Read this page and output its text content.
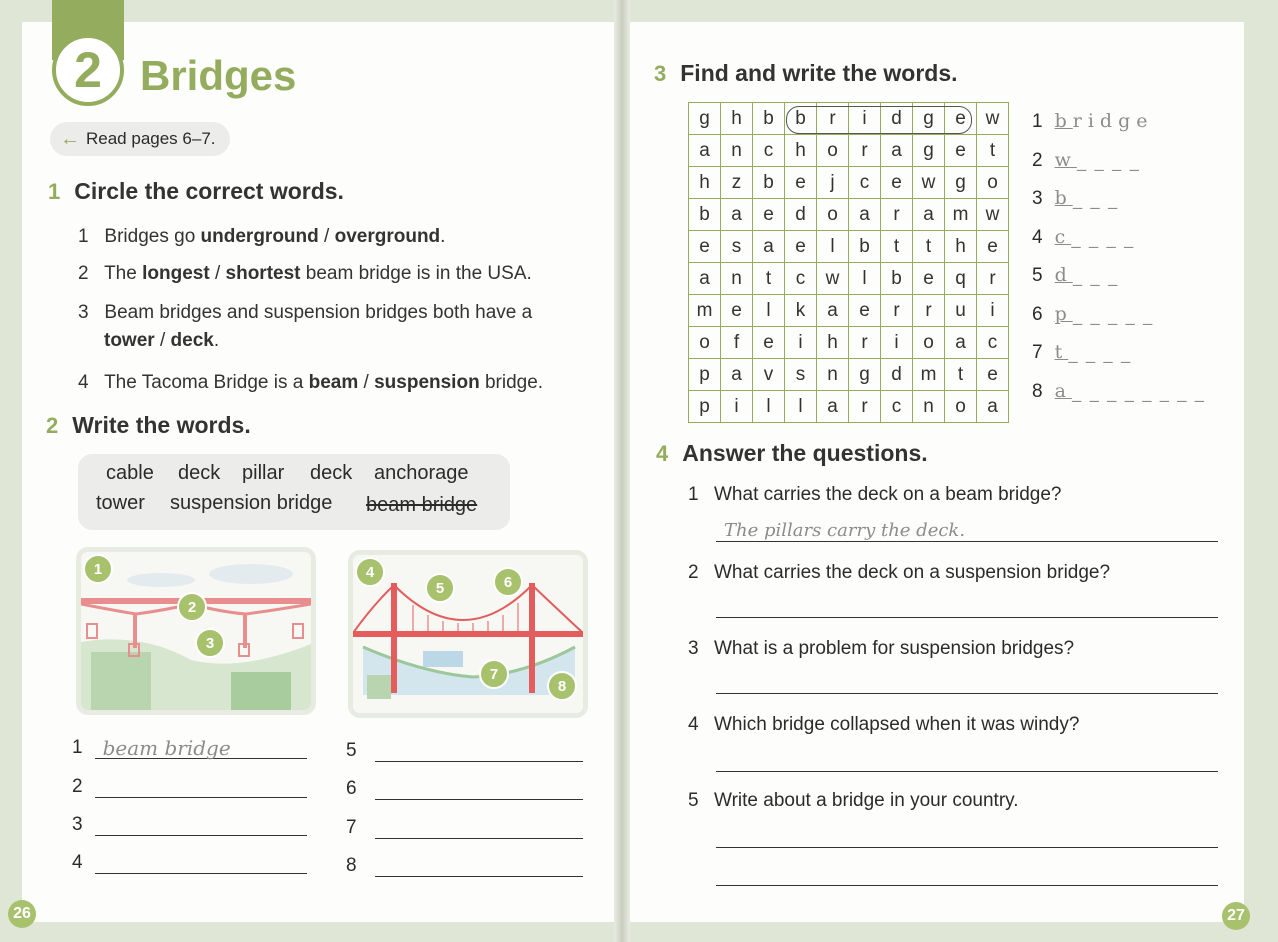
2 Bridges
← Read pages 6–7.
1 Circle the correct words.
1 Bridges go underground / overground.
2 The longest / shortest beam bridge is in the USA.
3 Beam bridges and suspension bridges both have a
tower / deck.
4 The Tacoma Bridge is a beam / suspension bridge.
2 Write the words.
cable deck pillar deck anchorage
tower suspension bridge beam bridge
1
2
3
4
5	6
7
8
1 beam bridge
2
3
4
5
6
7
8
26
3 Find and write the words.
g	h	b	b	r	i	d	g	e	w
a	n	c	h	o	r	a	g	e	t
h	z	b	e	j	c	e	w	g	o
b	a	e	d	o	a	r	a	m	w
e	s	a	e	l	b	t	t	h	e
a	n	t	c	w	l	b	e	q	r
m	e	l	k	a	e	r	r	u	i
o	f	e	i	h	r	i	o	a	c
p	a	v	s	n	g	d	m	t	e
p	i	l	l	a	r	c	n	o	a
1 bridge
2 w_ _ _ _
3 b_ _ _
4 c_ _ _ _
5 d_ _ _
6 p_ _ _ _ _
7 t_ _ _ _
8 a_ _ _ _ _ _ _ _
4 Answer the questions.
1 What carries the deck on a beam bridge?
The pillars carry the deck.
2 What carries the deck on a suspension bridge?
3 What is a problem for suspension bridges?
4 Which bridge collapsed when it was windy?
5 Write about a bridge in your country.
27
